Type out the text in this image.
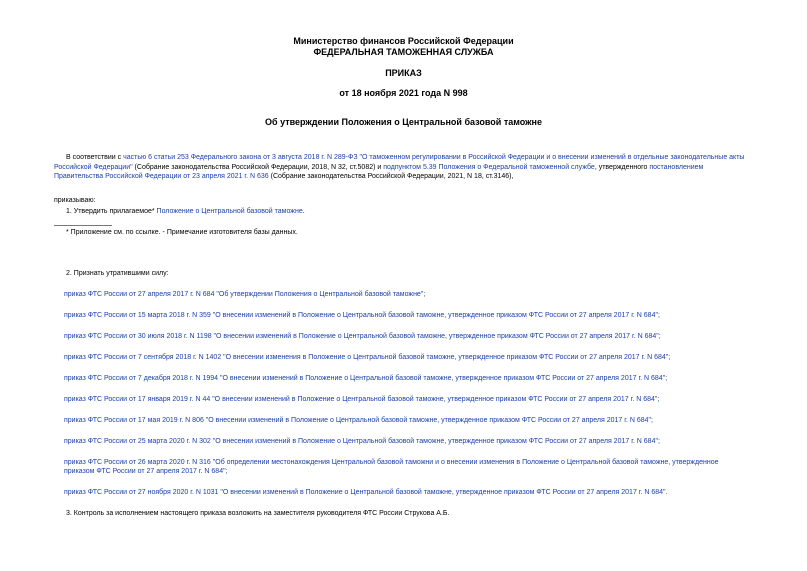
Министерство финансов Российской Федерации
ФЕДЕРАЛЬНАЯ ТАМОЖЕННАЯ СЛУЖБА
ПРИКАЗ
от 18 ноября 2021 года N 998
Об утверждении Положения о Центральной базовой таможне
В соответствии с частью 6 статьи 253 Федерального закона от 3 августа 2018 г. N 289-ФЗ "О таможенном регулировании в Российской Федерации и о внесении изменений в отдельные законодательные акты Российской Федерации" (Собрание законодательства Российской Федерации, 2018, N 32, ст.5082) и подпунктом 5.39 Положения о Федеральной таможенной службе, утвержденного постановлением Правительства Российской Федерации от 23 апреля 2021 г. N 636 (Собрание законодательства Российской Федерации, 2021, N 18, ст.3146),
приказываю:
1. Утвердить прилагаемое* Положение о Центральной базовой таможне.
* Приложение см. по ссылке. - Примечание изготовителя базы данных.
2. Признать утратившими силу:
приказ ФТС России от 27 апреля 2017 г. N 684 "Об утверждении Положения о Центральной базовой таможне";
приказ ФТС России от 15 марта 2018 г. N 359 "О внесении изменений в Положение о Центральной базовой таможне, утвержденное приказом ФТС России от 27 апреля 2017 г. N 684";
приказ ФТС России от 30 июля 2018 г. N 1198 "О внесении изменений в Положение о Центральной базовой таможне, утвержденное приказом ФТС России от 27 апреля 2017 г. N 684";
приказ ФТС России от 7 сентября 2018 г. N 1402 "О внесении изменения в Положение о Центральной базовой таможне, утвержденное приказом ФТС России от 27 апреля 2017 г. N 684";
приказ ФТС России от 7 декабря 2018 г. N 1994 "О внесении изменений в Положение о Центральной базовой таможне, утвержденное приказом ФТС России от 27 апреля 2017 г. N 684";
приказ ФТС России от 17 января 2019 г. N 44 "О внесении изменений в Положение о Центральной базовой таможне, утвержденное приказом ФТС России от 27 апреля 2017 г. N 684";
приказ ФТС России от 17 мая 2019 г. N 806 "О внесении изменений в Положение о Центральной базовой таможне, утвержденное приказом ФТС России от 27 апреля 2017 г. N 684";
приказ ФТС России от 25 марта 2020 г. N 302 "О внесении изменений в Положение о Центральной базовой таможне, утвержденное приказом ФТС России от 27 апреля 2017 г. N 684";
приказ ФТС России от 26 марта 2020 г. N 316 "Об определении местонахождения Центральной базовой таможни и о внесении изменения в Положение о Центральной базовой таможне, утвержденное приказом ФТС России от 27 апреля 2017 г. N 684";
приказ ФТС России от 27 ноября 2020 г. N 1031 "О внесении изменений в Положение о Центральной базовой таможне, утвержденное приказом ФТС России от 27 апреля 2017 г. N 684".
3. Контроль за исполнением настоящего приказа возложить на заместителя руководителя ФТС России Струкова А.Б.
